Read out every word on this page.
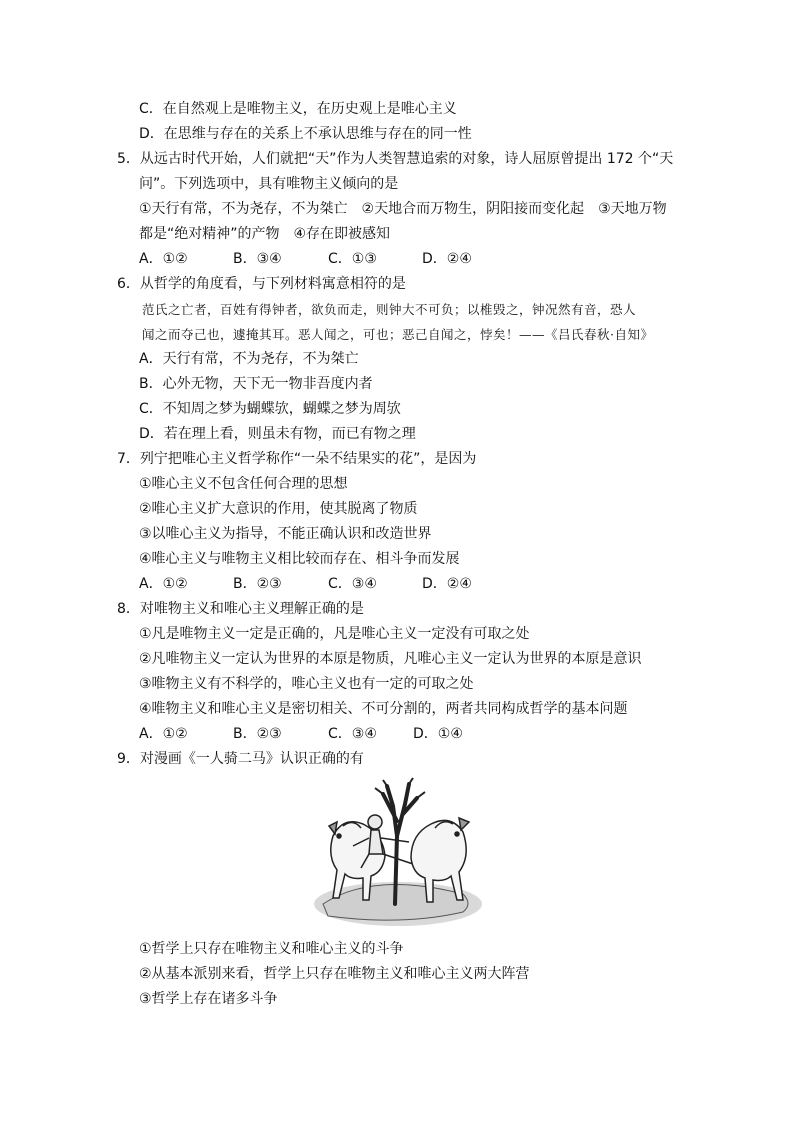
C．在自然观上是唯物主义，在历史观上是唯心主义
D．在思维与存在的关系上不承认思维与存在的同一性
5．从远古时代开始，人们就把“天”作为人类智慧追索的对象，诗人屈原曾提出 172 个“天
问”。下列选项中，具有唯物主义倾向的是
①天行有常，不为尧存，不为桀亡　②天地合而万物生，阴阳接而变化起　③天地万物
都是“绝对精神”的产物　④存在即被感知
A．①②	B．③④	C．①③	D．②④
6．从哲学的角度看，与下列材料寓意相符的是
范氏之亡者，百姓有得钟者，欲负而走，则钟大不可负；以椎毁之，钟况然有音，恐人
闻之而夺己也，遽掩其耳。恶人闻之，可也；恶己自闻之，悖矣！——《吕氏春秋·自知》
A．天行有常，不为尧存，不为桀亡
B．心外无物，天下无一物非吾度内者
C．不知周之梦为蝴蝶欤，蝴蝶之梦为周欤
D．若在理上看，则虽未有物，而已有物之理
7．列宁把唯心主义哲学称作“一朵不结果实的花”，是因为
①唯心主义不包含任何合理的思想
②唯心主义扩大意识的作用，使其脱离了物质
③以唯心主义为指导，不能正确认识和改造世界
④唯心主义与唯物主义相比较而存在、相斗争而发展
A．①②	B．②③	C．③④	D．②④
8．对唯物主义和唯心主义理解正确的是
①凡是唯物主义一定是正确的，凡是唯心主义一定没有可取之处
②凡唯物主义一定认为世界的本原是物质，凡唯心主义一定认为世界的本原是意识
③唯物主义有不科学的，唯心主义也有一定的可取之处
④唯物主义和唯心主义是密切相关、不可分割的，两者共同构成哲学的基本问题
A．①②	B．②③	C．③④	D．①④
9．对漫画《一人骑二马》认识正确的有
①哲学上只存在唯物主义和唯心主义的斗争
②从基本派别来看，哲学上只存在唯物主义和唯心主义两大阵营
③哲学上存在诸多斗争
